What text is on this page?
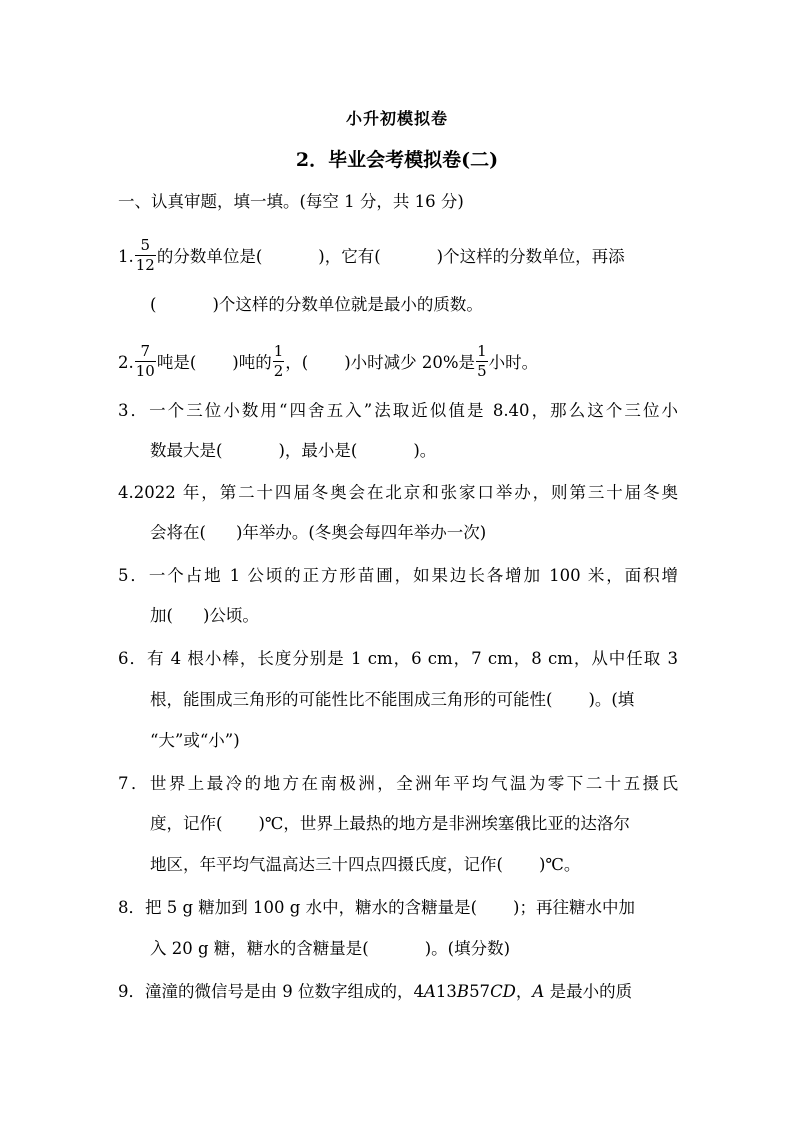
小升初模拟卷
2．毕业会考模拟卷(二)
一、认真审题，填一填。(每空 1 分，共 16 分)
1. $\frac{5}{12}$ 的分数单位是(	)，它有(	)个这样的分数单位，再添
(	)个这样的分数单位就是最小的质数。
2. $\frac{7}{10}$ 吨是( )吨的 $\frac{1}{2}$ ，( )小时减少 20%是 $\frac{1}{5}$ 小时。
3．一个三位小数用“四舍五入”法取近似值是 8.40，那么这个三位小
数最大是(	)，最小是(	)。
4.2022 年，第二十四届冬奥会在北京和张家口举办，则第三十届冬奥
会将在( )年举办。(冬奥会每四年举办一次)
5．一个占地 1 公顷的正方形苗圃，如果边长各增加 100 米，面积增
加( )公顷。
6．有 4 根小棒，长度分别是 1 cm，6 cm，7 cm，8 cm，从中任取 3
根，能围成三角形的可能性比不能围成三角形的可能性( )。(填
“大”或“小”)
7．世界上最冷的地方在南极洲，全洲年平均气温为零下二十五摄氏
度，记作( )℃，世界上最热的地方是非洲埃塞俄比亚的达洛尔
地区，年平均气温高达三十四点四摄氏度，记作( )℃。
8．把 5 g 糖加到 100 g 水中，糖水的含糖量是( )；再往糖水中加
入 20 g 糖，糖水的含糖量是(	)。(填分数)
9．潼潼的微信号是由 9 位数字组成的，4A13B57CD，A 是最小的质
